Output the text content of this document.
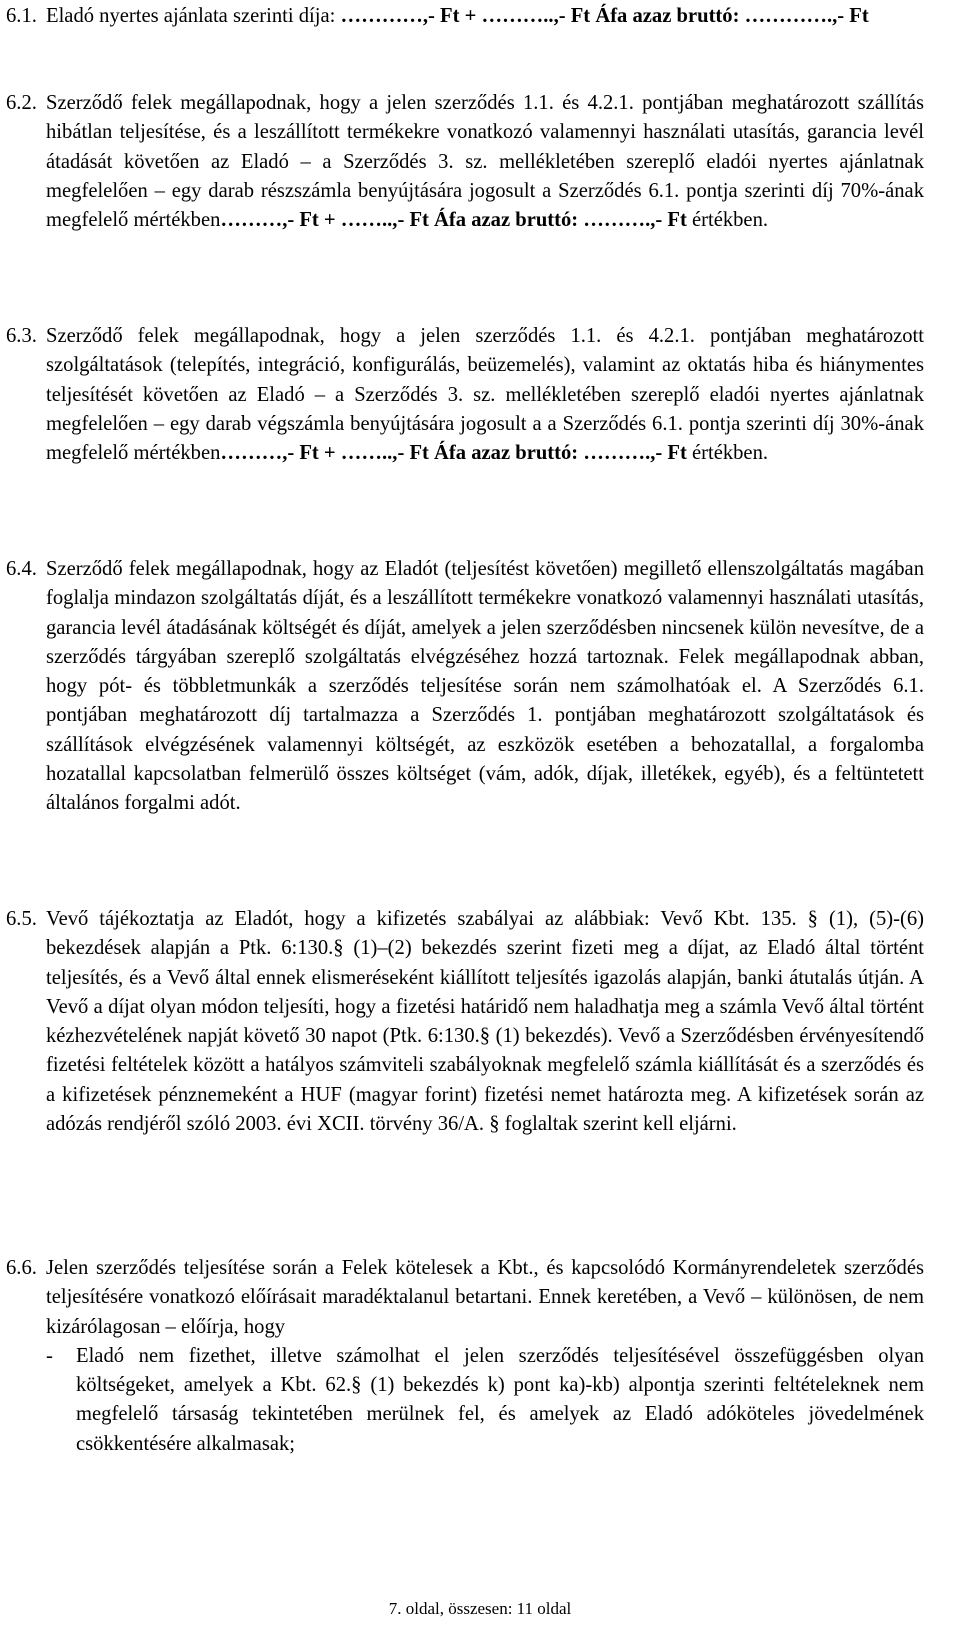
6.1. Eladó nyertes ajánlata szerinti díja: …………,- Ft + ………..,- Ft Áfa azaz bruttó: ………….,- Ft
6.2. Szerződő felek megállapodnak, hogy a jelen szerződés 1.1. és 4.2.1. pontjában meghatározott szállítás hibátlan teljesítése, és a leszállított termékekre vonatkozó valamennyi használati utasítás, garancia levél átadását követően az Eladó – a Szerződés 3. sz. mellékletében szereplő eladói nyertes ajánlatnak megfelelően – egy darab részszámla benyújtására jogosult a Szerződés 6.1. pontja szerinti díj 70%-ának megfelelő mértékben………,- Ft + ……..,- Ft Áfa azaz bruttó: ……….,- Ft értékben.
6.3. Szerződő felek megállapodnak, hogy a jelen szerződés 1.1. és 4.2.1. pontjában meghatározott szolgáltatások (telepítés, integráció, konfigurálás, beüzemelés), valamint az oktatás hiba és hiánymentes teljesítését követően az Eladó – a Szerződés 3. sz. mellékletében szereplő eladói nyertes ajánlatnak megfelelően – egy darab végszámla benyújtására jogosult a a Szerződés 6.1. pontja szerinti díj 30%-ának megfelelő mértékben………,- Ft + ……..,- Ft Áfa azaz bruttó: ……….,- Ft értékben.
6.4. Szerződő felek megállapodnak, hogy az Eladót (teljesítést követően) megillető ellenszolgáltatás magában foglalja mindazon szolgáltatás díját, és a leszállított termékekre vonatkozó valamennyi használati utasítás, garancia levél átadásának költségét és díját, amelyek a jelen szerződésben nincsenek külön nevesítve, de a szerződés tárgyában szereplő szolgáltatás elvégzéséhez hozzá tartoznak. Felek megállapodnak abban, hogy pót- és többletmunkák a szerződés teljesítése során nem számolhatóak el. A Szerződés 6.1. pontjában meghatározott díj tartalmazza a Szerződés 1. pontjában meghatározott szolgáltatások és szállítások elvégzésének valamennyi költségét, az eszközök esetében a behozatallal, a forgalomba hozatallal kapcsolatban felmerülő összes költséget (vám, adók, díjak, illetékek, egyéb), és a feltüntetett általános forgalmi adót.
6.5. Vevő tájékoztatja az Eladót, hogy a kifizetés szabályai az alábbiak: Vevő Kbt. 135. § (1), (5)-(6) bekezdések alapján a Ptk. 6:130.§ (1)–(2) bekezdés szerint fizeti meg a díjat, az Eladó által történt teljesítés, és a Vevő által ennek elismeréseként kiállított teljesítés igazolás alapján, banki átutalás útján. A Vevő a díjat olyan módon teljesíti, hogy a fizetési határidő nem haladhatja meg a számla Vevő által történt kézhezvételének napját követő 30 napot (Ptk. 6:130.§ (1) bekezdés). Vevő a Szerződésben érvényesítendő fizetési feltételek között a hatályos számviteli szabályoknak megfelelő számla kiállítását és a szerződés és a kifizetések pénznemeként a HUF (magyar forint) fizetési nemet határozta meg. A kifizetések során az adózás rendjéről szóló 2003. évi XCII. törvény 36/A. § foglaltak szerint kell eljárni.
6.6. Jelen szerződés teljesítése során a Felek kötelesek a Kbt., és kapcsolódó Kormányrendeletek szerződés teljesítésére vonatkozó előírásait maradéktalanul betartani. Ennek keretében, a Vevő – különösen, de nem kizárólagosan – előírja, hogy
-	Eladó nem fizethet, illetve számolhat el jelen szerződés teljesítésével összefüggésben olyan költségeket, amelyek a Kbt. 62.§ (1) bekezdés k) pont ka)-kb) alpontja szerinti feltételeknek nem megfelelő társaság tekintetében merülnek fel, és amelyek az Eladó adóköteles jövedelmének csökkentésére alkalmasak;
7. oldal, összesen: 11 oldal
